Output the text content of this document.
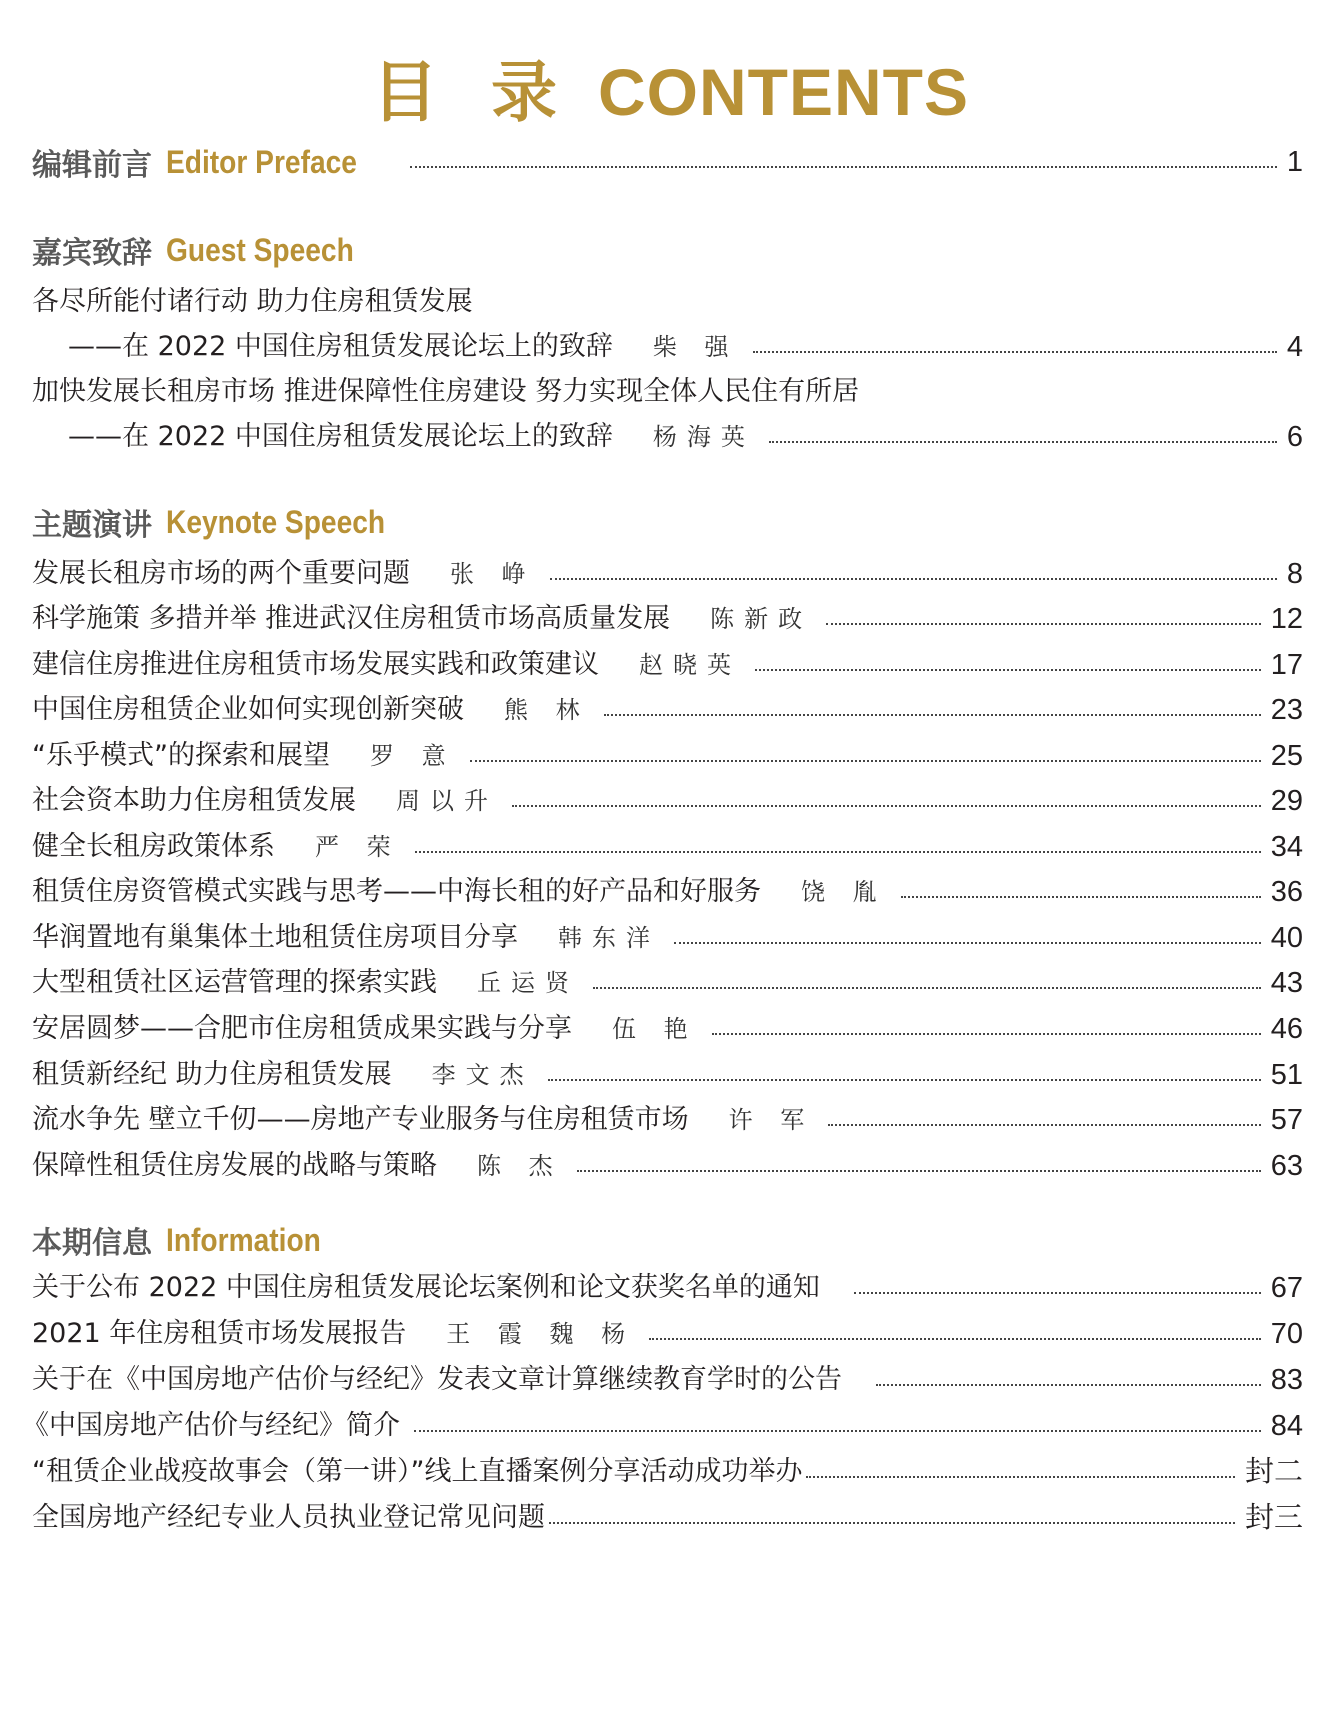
目 录 CONTENTS
编辑前言 Editor Preface	1
嘉宾致辞 Guest Speech
各尽所能付诸行动 助力住房租赁发展
——在 2022 中国住房租赁发展论坛上的致辞 柴 强	4
加快发展长租房市场 推进保障性住房建设 努力实现全体人民住有所居
——在 2022 中国住房租赁发展论坛上的致辞 杨海英	6
主题演讲 Keynote Speech
发展长租房市场的两个重要问题 张 峥	8
科学施策 多措并举 推进武汉住房租赁市场高质量发展 陈新政	12
建信住房推进住房租赁市场发展实践和政策建议 赵晓英	17
中国住房租赁企业如何实现创新突破 熊 林	23
“乐乎模式”的探索和展望 罗 意	25
社会资本助力住房租赁发展 周以升	29
健全长租房政策体系 严 荣	34
租赁住房资管模式实践与思考——中海长租的好产品和好服务 饶 胤	36
华润置地有巢集体土地租赁住房项目分享 韩东洋	40
大型租赁社区运营管理的探索实践 丘运贤	43
安居圆梦——合肥市住房租赁成果实践与分享 伍 艳	46
租赁新经纪 助力住房租赁发展 李文杰	51
流水争先 壁立千仞——房地产专业服务与住房租赁市场 许 军	57
保障性租赁住房发展的战略与策略 陈 杰	63
本期信息 Information
关于公布 2022 中国住房租赁发展论坛案例和论文获奖名单的通知	67
2021 年住房租赁市场发展报告 王 霞 魏 杨	70
关于在《中国房地产估价与经纪》发表文章计算继续教育学时的公告	83
《中国房地产估价与经纪》简介	84
“租赁企业战疫故事会（第一讲）”线上直播案例分享活动成功举办	封二
全国房地产经纪专业人员执业登记常见问题	封三
